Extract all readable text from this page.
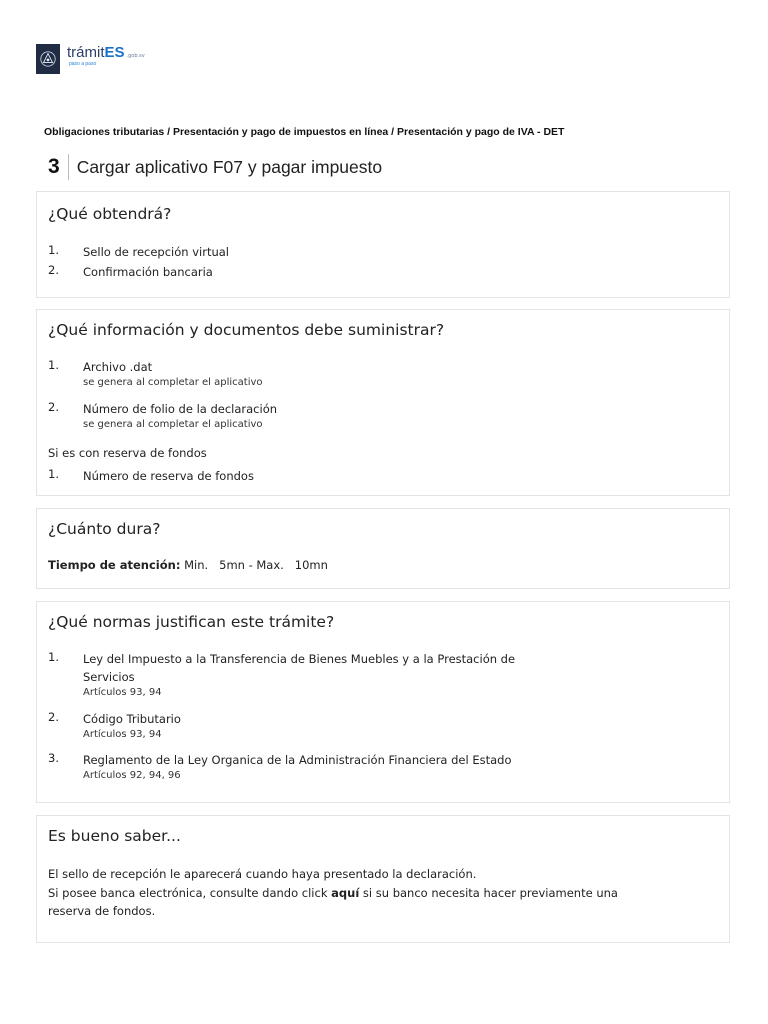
trámitES .gob.sv
paso a paso
Obligaciones tributarias / Presentación y pago de impuestos en línea / Presentación y pago de IVA - DET
3 Cargar aplicativo F07 y pagar impuesto
¿Qué obtendrá?
1.	Sello de recepción virtual
2.	Confirmación bancaria
¿Qué información y documentos debe suministrar?
1.	Archivo .dat
se genera al completar el aplicativo
2.	Número de folio de la declaración
se genera al completar el aplicativo
Si es con reserva de fondos
1.	Número de reserva de fondos
¿Cuánto dura?
Tiempo de atención: Min.   5mn - Max.   10mn
¿Qué normas justifican este trámite?
1.	Ley del Impuesto a la Transferencia de Bienes Muebles y a la Prestación de Servicios
Artículos 93, 94
2.	Código Tributario
Artículos 93, 94
3.	Reglamento de la Ley Organica de la Administración Financiera del Estado
Artículos 92, 94, 96
Es bueno saber...
El sello de recepción le aparecerá cuando haya presentado la declaración.
Si posee banca electrónica, consulte dando click aquí si su banco necesita hacer previamente una reserva de fondos.
